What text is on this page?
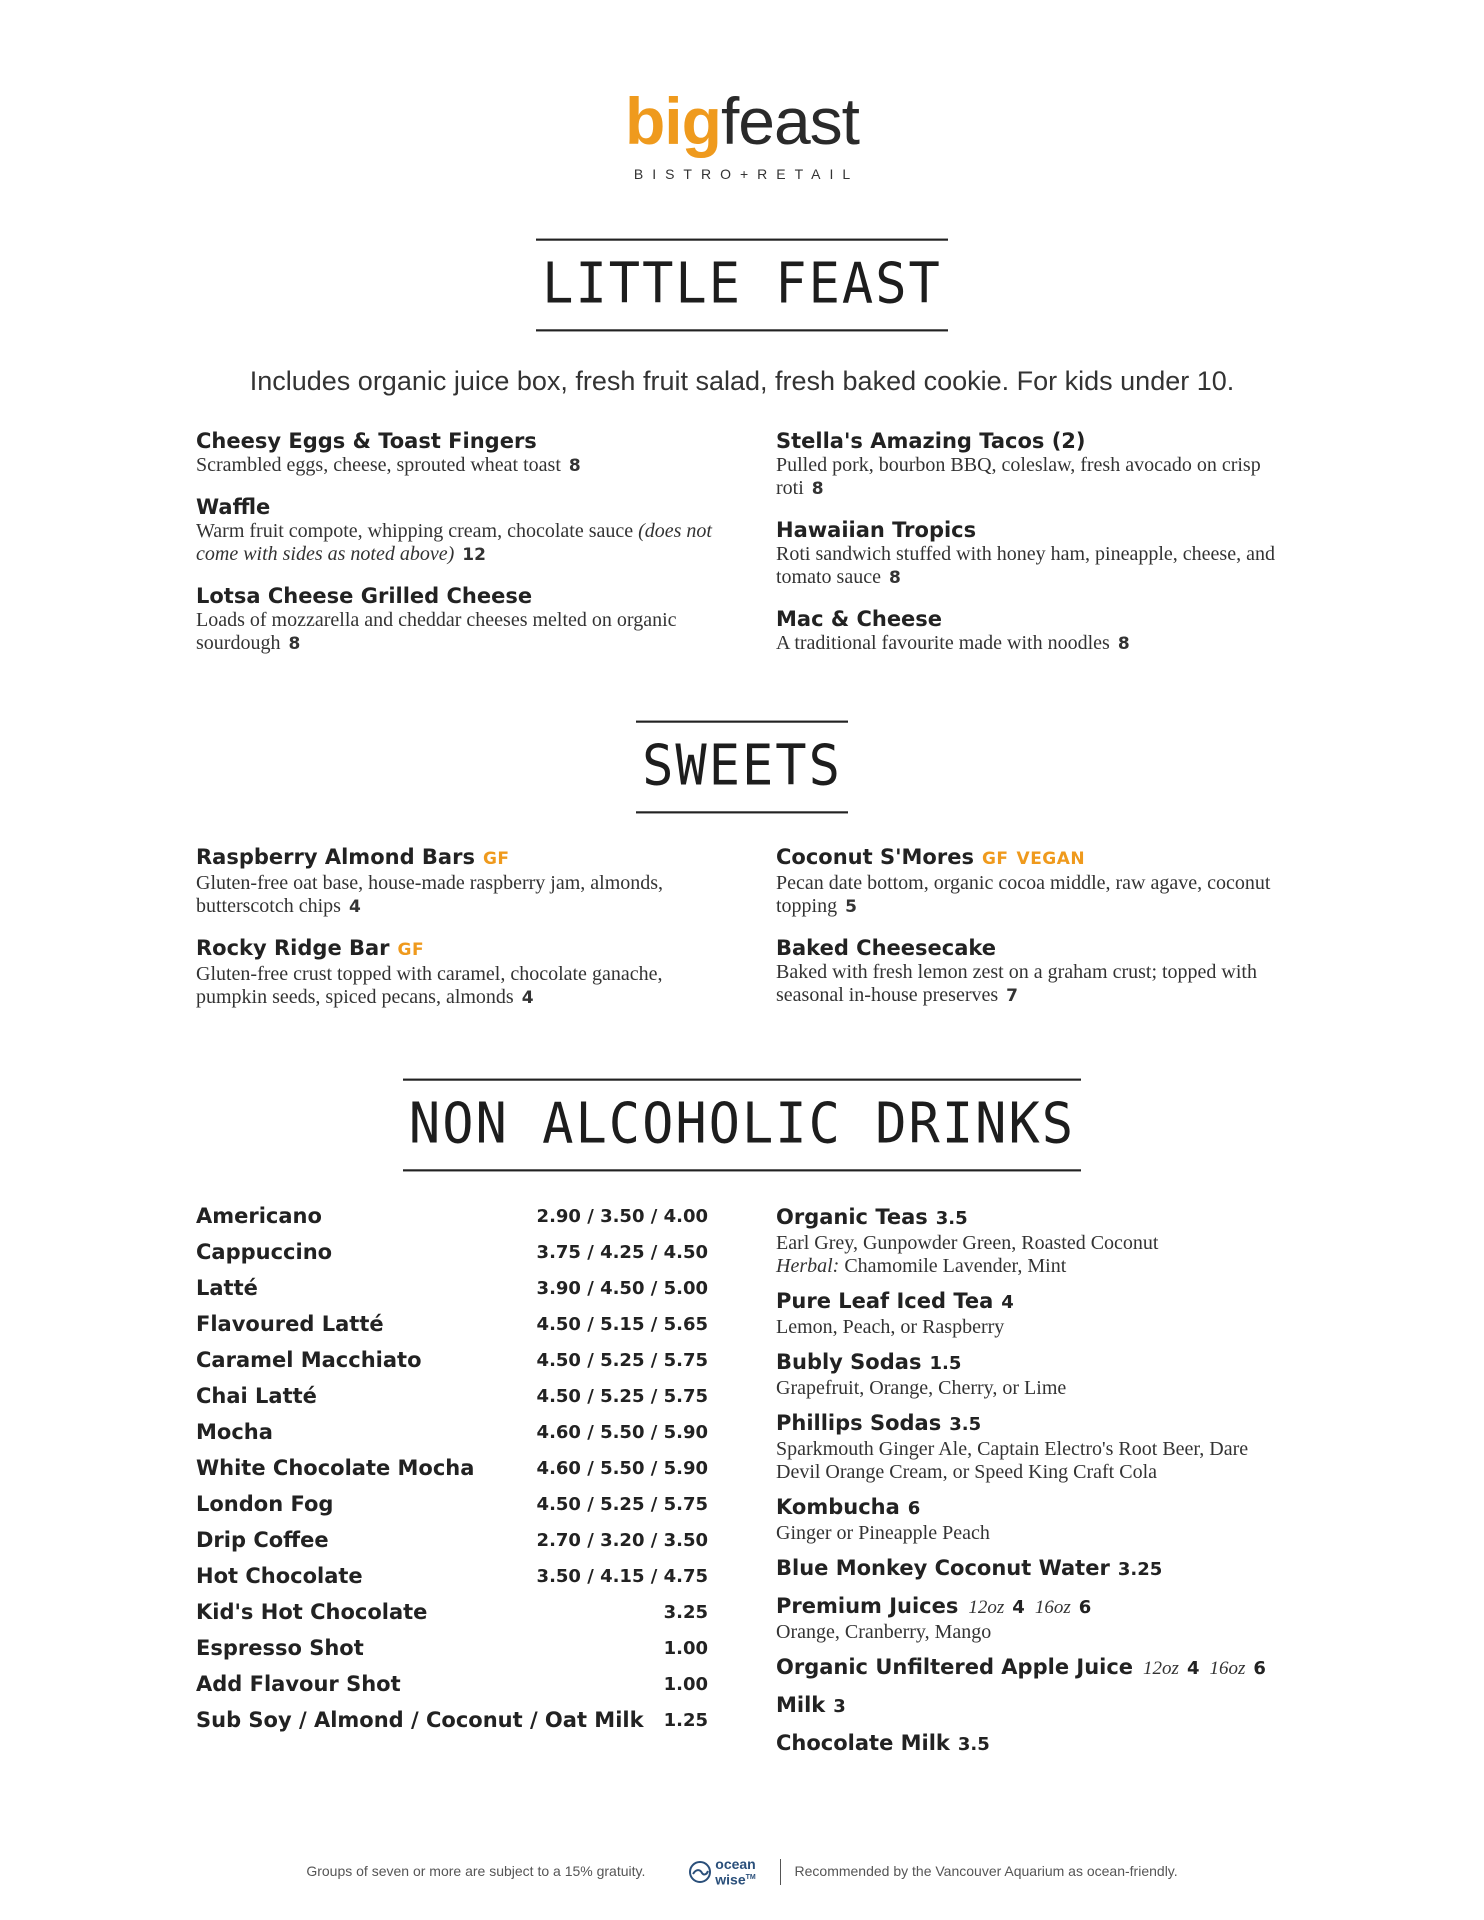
bigfeast
BISTRO+RETAIL
LITTLE FEAST
Includes organic juice box, fresh fruit salad, fresh baked cookie. For kids under 10.
Cheesy Eggs & Toast Fingers
Scrambled eggs, cheese, sprouted wheat toast 8
Waffle
Warm fruit compote, whipping cream, chocolate sauce (does not come with sides as noted above) 12
Lotsa Cheese Grilled Cheese
Loads of mozzarella and cheddar cheeses melted on organic sourdough 8
Stella's Amazing Tacos (2)
Pulled pork, bourbon BBQ, coleslaw, fresh avocado on crisp roti 8
Hawaiian Tropics
Roti sandwich stuffed with honey ham, pineapple, cheese, and tomato sauce 8
Mac & Cheese
A traditional favourite made with noodles 8
SWEETS
Raspberry Almond Bars GF
Gluten-free oat base, house-made raspberry jam, almonds, butterscotch chips 4
Rocky Ridge Bar GF
Gluten-free crust topped with caramel, chocolate ganache, pumpkin seeds, spiced pecans, almonds 4
Coconut S'Mores GF VEGAN
Pecan date bottom, organic cocoa middle, raw agave, coconut topping 5
Baked Cheesecake
Baked with fresh lemon zest on a graham crust; topped with seasonal in-house preserves 7
NON ALCOHOLIC DRINKS
Americano	2.90 / 3.50 / 4.00
Cappuccino	3.75 / 4.25 / 4.50
Latté	3.90 / 4.50 / 5.00
Flavoured Latté	4.50 / 5.15 / 5.65
Caramel Macchiato	4.50 / 5.25 / 5.75
Chai Latté	4.50 / 5.25 / 5.75
Mocha	4.60 / 5.50 / 5.90
White Chocolate Mocha	4.60 / 5.50 / 5.90
London Fog	4.50 / 5.25 / 5.75
Drip Coffee	2.70 / 3.20 / 3.50
Hot Chocolate	3.50 / 4.15 / 4.75
Kid's Hot Chocolate	3.25
Espresso Shot	1.00
Add Flavour Shot	1.00
Sub Soy / Almond / Coconut / Oat Milk 1.25
Organic Teas 3.5
Earl Grey, Gunpowder Green, Roasted Coconut
Herbal: Chamomile Lavender, Mint
Pure Leaf Iced Tea 4
Lemon, Peach, or Raspberry
Bubly Sodas 1.5
Grapefruit, Orange, Cherry, or Lime
Phillips Sodas 3.5
Sparkmouth Ginger Ale, Captain Electro's Root Beer, Dare Devil Orange Cream, or Speed King Craft Cola
Kombucha 6
Ginger or Pineapple Peach
Blue Monkey Coconut Water 3.25
Premium Juices 12oz 4 16oz 6
Orange, Cranberry, Mango
Organic Unfiltered Apple Juice 12oz 4 16oz 6
Milk 3
Chocolate Milk 3.5
Groups of seven or more are subject to a 15% gratuity.	ocean
wise™	Recommended by the Vancouver Aquarium as ocean-friendly.
